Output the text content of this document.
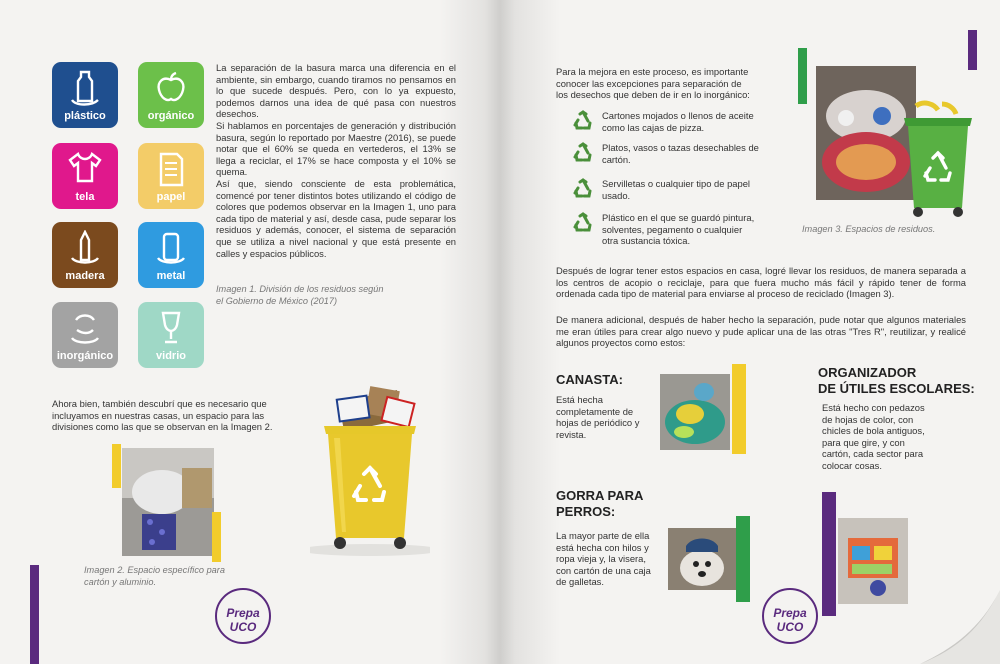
plástico	orgánico
tela	papel
madera	metal
inorgánico	vidrio

La separación de la basura marca una diferencia en el ambiente, sin embargo, cuando tiramos no pensamos en lo que sucede después. Pero, con lo ya expuesto, podemos darnos una idea de qué pasa con nuestros desechos.

Si hablamos en porcentajes de generación y distribución basura, según lo reportado por Maestre (2016), se puede notar que el 60% se queda en vertederos, el 13% se llega a reciclar, el 17% se hace composta y el 10% se quema.

Así que, siendo consciente de esta problemática, comencé por tener distintos botes utilizando el código de colores que podemos observar en la Imagen 1, uno para cada tipo de material y así, desde casa, pude separar los residuos y además, conocer, el sistema de separación que se utiliza a nivel nacional y que está presente en calles y espacios públicos.

Imagen 1. División de los residuos según el Gobierno de México (2017)
Ahora bien, también descubrí que es necesario que incluyamos en nuestras casas, un espacio para las divisiones como las que se observan en la Imagen 2.
Imagen 2. Espacio específico para cartón y aluminio.
Prepa UCO
Para la mejora en este proceso, es importante conocer las excepciones para separación de los desechos que deben de ir en lo inorgánico:
Cartones mojados o llenos de aceite como las cajas de pizza.
Platos, vasos o tazas desechables de cartón.
Servilletas o cualquier tipo de papel usado.
Plástico en el que se guardó pintura, solventes, pegamento o cualquier otra sustancia tóxica.
Imagen 3. Espacios de residuos.
Después de lograr tener estos espacios en casa, logré llevar los residuos, de manera separada a los centros de acopio o reciclaje, para que fuera mucho más fácil y rápido tener de forma ordenada cada tipo de material para enviarse al proceso de reciclado (Imagen 3).
De manera adicional, después de haber hecho la separación, pude notar que algunos materiales me eran útiles para crear algo nuevo y pude aplicar una de las otras "Tres R", reutilizar, y realicé algunos proyectos como estos:
CANASTA:
Está hecha completamente de hojas de periódico y revista.
ORGANIZADOR
DE ÚTILES ESCOLARES:
Está hecho con pedazos de hojas de color, con chicles de bola antiguos, para que gire, y con cartón, cada sector para colocar cosas.
GORRA PARA
PERROS:
La mayor parte de ella está hecha con hilos y ropa vieja y, la visera, con cartón de una caja de galletas.
Prepa UCO
